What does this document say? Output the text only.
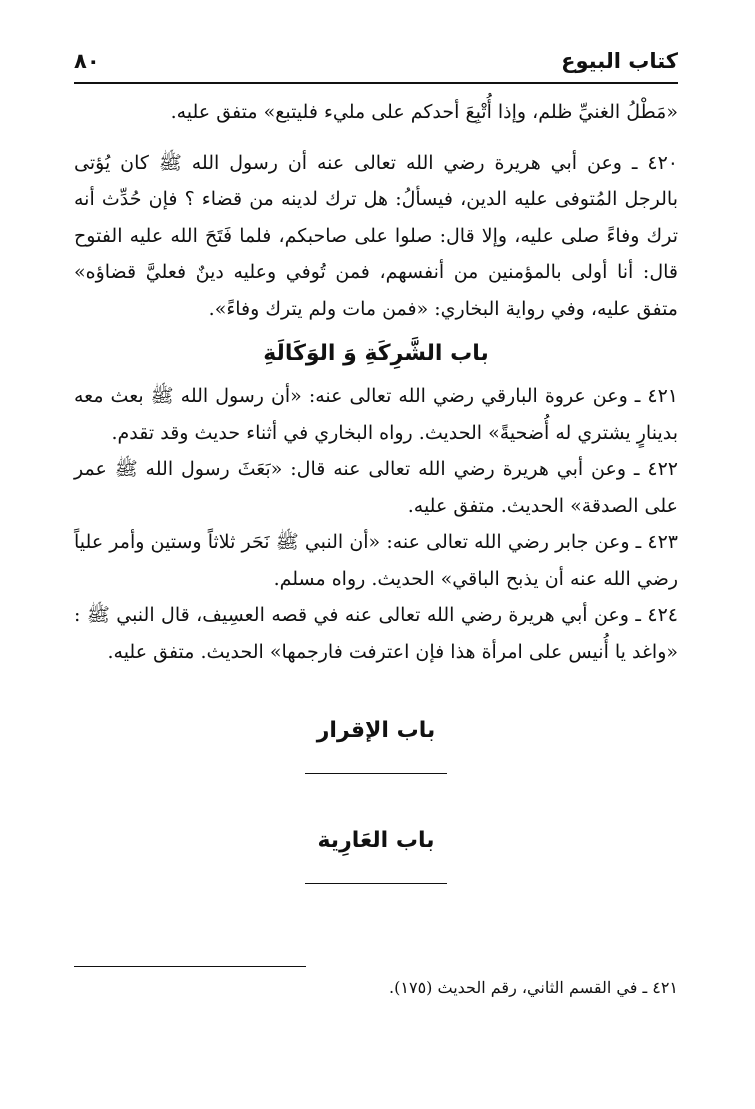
كتاب البيوع
٨٠

«مَطْلُ الغنيِّ ظلم، وإذا أُتْبِعَ أحدكم على مليء فليتبع» متفق عليه.

٤٢٠ ـ وعن أبي هريرة رضي الله تعالى عنه أن رسول الله ﷺ كان يُؤتى بالرجل المُتوفى عليه الدين، فيسألُ: هل ترك لدينه من قضاء ؟ فإن حُدِّث أنه ترك وفاءً صلى عليه، وإلا قال: صلوا على صاحبكم، فلما فَتَحَ الله عليه الفتوح قال: أنا أولى بالمؤمنين من أنفسهم، فمن تُوفي وعليه دينٌ فعليَّ قضاؤه» متفق عليه، وفي رواية البخاري: «فمن مات ولم يترك وفاءً».

باب الشَّرِكَةِ وَ الوَكَالَةِ

٤٢١ ـ وعن عروة البارقي رضي الله تعالى عنه: «أن رسول الله ﷺ بعث معه بدينارٍ يشتري له أُضحيةً» الحديث. رواه البخاري في أثناء حديث وقد تقدم.

٤٢٢ ـ وعن أبي هريرة رضي الله تعالى عنه قال: «بَعَثَ رسول الله ﷺ عمر على الصدقة» الحديث. متفق عليه.

٤٢٣ ـ وعن جابر رضي الله تعالى عنه: «أن النبي ﷺ نَحَر ثلاثاً وستين وأمر علياً رضي الله عنه أن يذبح الباقي» الحديث. رواه مسلم.

٤٢٤ ـ وعن أبي هريرة رضي الله تعالى عنه في قصه العسِيف، قال النبي ﷺ : «واغد يا أُنيس على امرأة هذا فإن اعترفت فارجمها» الحديث. متفق عليه.

باب الإقرار
باب العَارِية
٤٢١ ـ في القسم الثاني، رقم الحديث (١٧٥).
